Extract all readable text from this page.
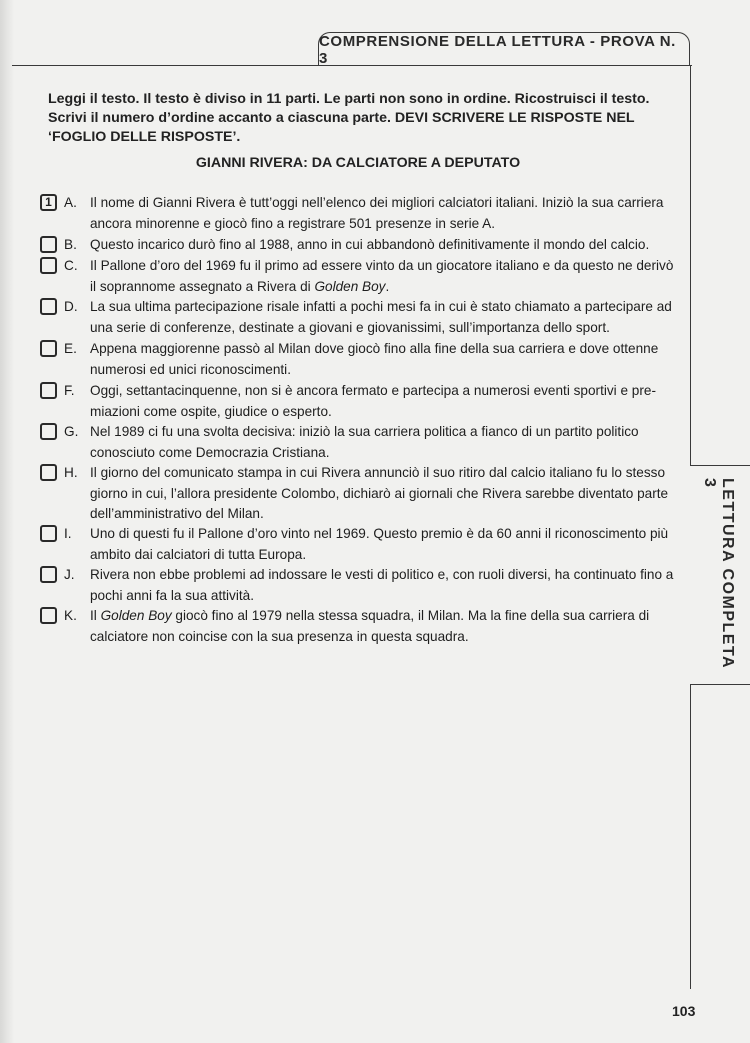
COMPRENSIONE DELLA LETTURA - PROVA N. 3
LETTURA COMPLETA 3
Leggi il testo. Il testo è diviso in 11 parti. Le parti non sono in ordine. Ricostruisci il testo. Scrivi il numero d’ordine accanto a ciascuna parte. DEVI SCRIVERE LE RISPOSTE NEL ‘FOGLIO DELLE RISPOSTE’.
GIANNI RIVERA: DA CALCIATORE A DEPUTATO
1 A. Il nome di Gianni Rivera è tutt’oggi nell’elenco dei migliori calciatori italiani. Iniziò la sua carriera ancora minorenne e giocò fino a registrare 501 presenze in serie A.
B. Questo incarico durò fino al 1988, anno in cui abbandonò definitivamente il mondo del calcio.
C. Il Pallone d’oro del 1969 fu il primo ad essere vinto da un giocatore italiano e da questo ne derivò il soprannome assegnato a Rivera di Golden Boy.
D. La sua ultima partecipazione risale infatti a pochi mesi fa in cui è stato chiamato a partecipare ad una serie di conferenze, destinate a giovani e giovanissimi, sull’importanza dello sport.
E. Appena maggiorenne passò al Milan dove giocò fino alla fine della sua carriera e dove ottenne numerosi ed unici riconoscimenti.
F.	Oggi, settantacinquenne, non si è ancora fermato e partecipa a numerosi eventi sportivi e pre-miazioni come ospite, giudice o esperto.
G. Nel 1989 ci fu una svolta decisiva: iniziò la sua carriera politica a fianco di un partito politico conosciuto come Democrazia Cristiana.
H. Il giorno del comunicato stampa in cui Rivera annunciò il suo ritiro dal calcio italiano fu lo stesso giorno in cui, l’allora presidente Colombo, dichiarò ai giornali che Rivera sarebbe diventato parte dell’amministrativo del Milan.
I.	Uno di questi fu il Pallone d’oro vinto nel 1969. Questo premio è da 60 anni il riconoscimento più ambito dai calciatori di tutta Europa.
J.	Rivera non ebbe problemi ad indossare le vesti di politico e, con ruoli diversi, ha continuato fino a pochi anni fa la sua attività.
K. Il Golden Boy giocò fino al 1979 nella stessa squadra, il Milan. Ma la fine della sua carriera di calciatore non coincise con la sua presenza in questa squadra.
103
